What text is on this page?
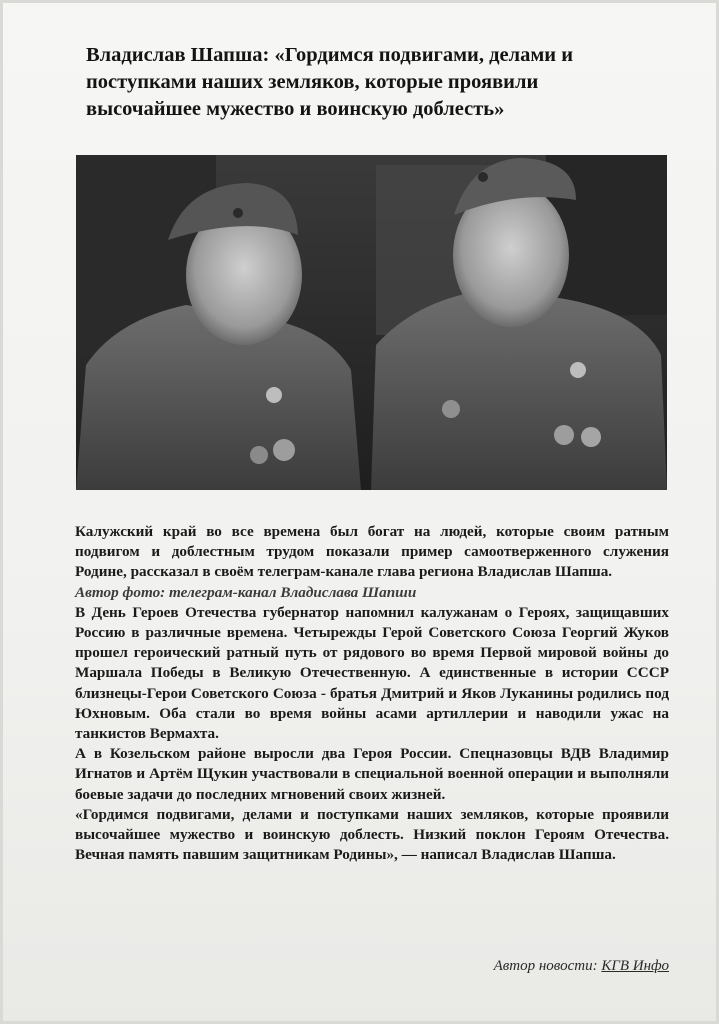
Владислав Шапша: «Гордимся подвигами, делами и поступками наших земляков, которые проявили высочайшее мужество и воинскую доблесть»

Калужский край во все времена был богат на людей, которые своим ратным подвигом и доблестным трудом показали пример самоотверженного служения Родине, рассказал в своём телеграм-канале глава региона Владислав Шапша.

Автор фото: телеграм-канал Владислава Шапши

В День Героев Отечества губернатор напомнил калужанам о Героях, защищавших Россию в различные времена. Четырежды Герой Советского Союза Георгий Жуков прошел героический ратный путь от рядового во время Первой мировой войны до Маршала Победы в Великую Отечественную. А единственные в истории СССР близнецы-Герои Советского Союза - братья Дмитрий и Яков Луканины родились под Юхновым. Оба стали во время войны асами артиллерии и наводили ужас на танкистов Вермахта.

А в Козельском районе выросли два Героя России. Спецназовцы ВДВ Владимир Игнатов и Артём Щукин участвовали в специальной военной операции и выполняли боевые задачи до последних мгновений своих жизней.

«Гордимся подвигами, делами и поступками наших земляков, которые проявили высочайшее мужество и воинскую доблесть. Низкий поклон Героям Отечества. Вечная память павшим защитникам Родины», — написал Владислав Шапша.

Автор новости: КГВ Инфо
